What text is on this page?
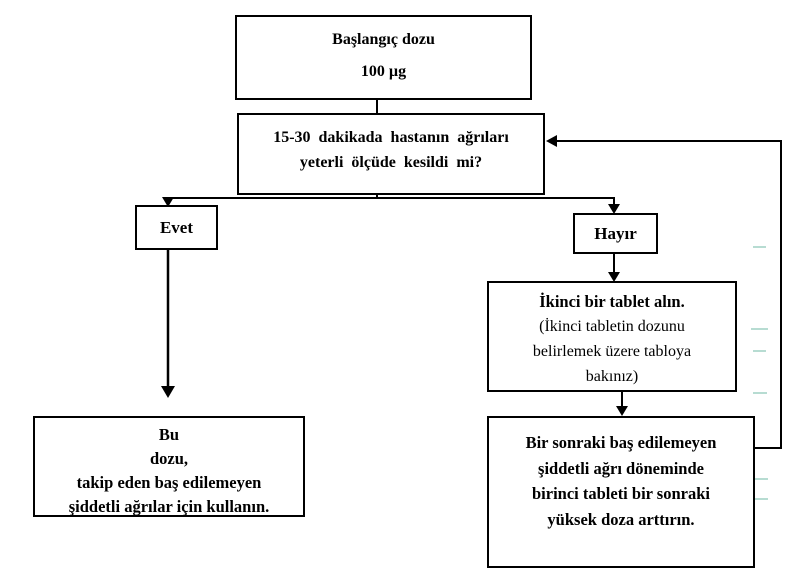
Başlangıç dozu
100 µg
15-30 dakikada hastanın ağrıları
yeterli ölçüde kesildi mi?
Evet	Hayır
İkinci bir tablet alın.
(İkinci tabletin dozunu
belirlemek üzere tabloya
bakınız)
Bu
dozu,
takip eden baş edilemeyen
şiddetli ağrılar için kullanın.
Bir sonraki baş edilemeyen
şiddetli ağrı döneminde
birinci tableti bir sonraki
yüksek doza arttırın.
